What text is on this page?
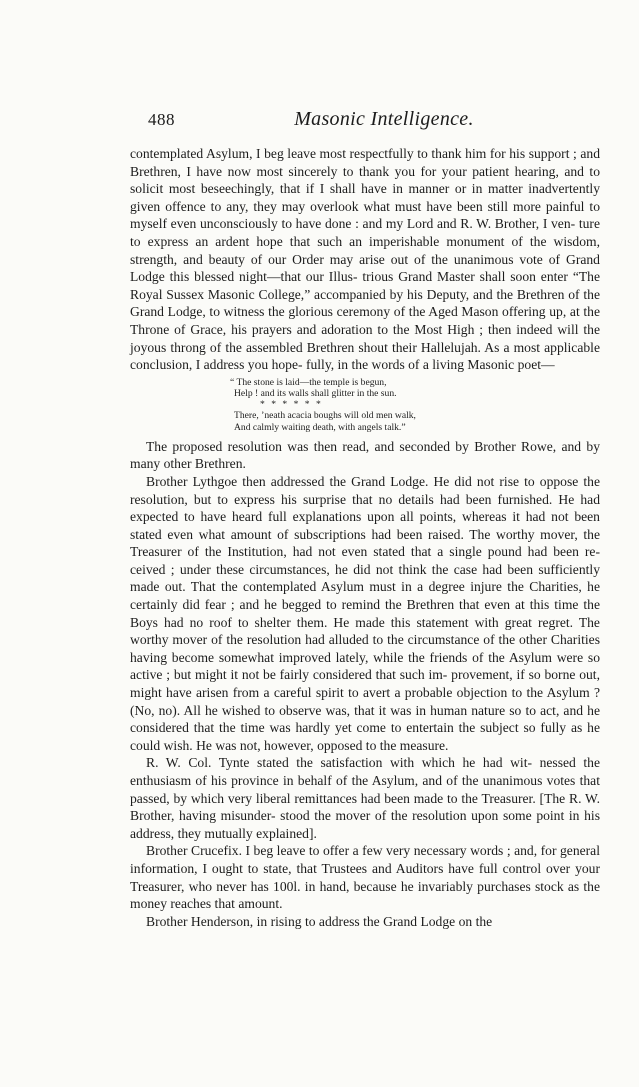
488	Masonic Intelligence.

contemplated Asylum, I beg leave most respectfully to thank him for his support ; and Brethren, I have now most sincerely to thank you for your patient hearing, and to solicit most beseechingly, that if I shall have in manner or in matter inadvertently given offence to any, they may overlook what must have been still more painful to myself even unconsciously to have done : and my Lord and R. W. Brother, I ven- ture to express an ardent hope that such an imperishable monument of the wisdom, strength, and beauty of our Order may arise out of the unanimous vote of Grand Lodge this blessed night—that our Illus- trious Grand Master shall soon enter “The Royal Sussex Masonic College,” accompanied by his Deputy, and the Brethren of the Grand Lodge, to witness the glorious ceremony of the Aged Mason offering up, at the Throne of Grace, his prayers and adoration to the Most High ; then indeed will the joyous throng of the assembled Brethren shout their Hallelujah. As a most applicable conclusion, I address you hope- fully, in the words of a living Masonic poet—

“ The stone is laid—the temple is begun,
Help ! and its walls shall glitter in the sun.
* * * * * *
There, ’neath acacia boughs will old men walk,
And calmly waiting death, with angels talk.”

The proposed resolution was then read, and seconded by Brother Rowe, and by many other Brethren.

Brother Lythgoe then addressed the Grand Lodge. He did not rise to oppose the resolution, but to express his surprise that no details had been furnished. He had expected to have heard full explanations upon all points, whereas it had not been stated even what amount of subscriptions had been raised. The worthy mover, the Treasurer of the Institution, had not even stated that a single pound had been re- ceived ; under these circumstances, he did not think the case had been sufficiently made out. That the contemplated Asylum must in a degree injure the Charities, he certainly did fear ; and he begged to remind the Brethren that even at this time the Boys had no roof to shelter them. He made this statement with great regret. The worthy mover of the resolution had alluded to the circumstance of the other Charities having become somewhat improved lately, while the friends of the Asylum were so active ; but might it not be fairly considered that such im- provement, if so borne out, might have arisen from a careful spirit to avert a probable objection to the Asylum ? (No, no). All he wished to observe was, that it was in human nature so to act, and he considered that the time was hardly yet come to entertain the subject so fully as he could wish. He was not, however, opposed to the measure.

R. W. Col. Tynte stated the satisfaction with which he had wit- nessed the enthusiasm of his province in behalf of the Asylum, and of the unanimous votes that passed, by which very liberal remittances had been made to the Treasurer. [The R. W. Brother, having misunder- stood the mover of the resolution upon some point in his address, they mutually explained].

Brother Crucefix. I beg leave to offer a few very necessary words ; and, for general information, I ought to state, that Trustees and Auditors have full control over your Treasurer, who never has 100l. in hand, because he invariably purchases stock as the money reaches that amount.

Brother Henderson, in rising to address the Grand Lodge on the
